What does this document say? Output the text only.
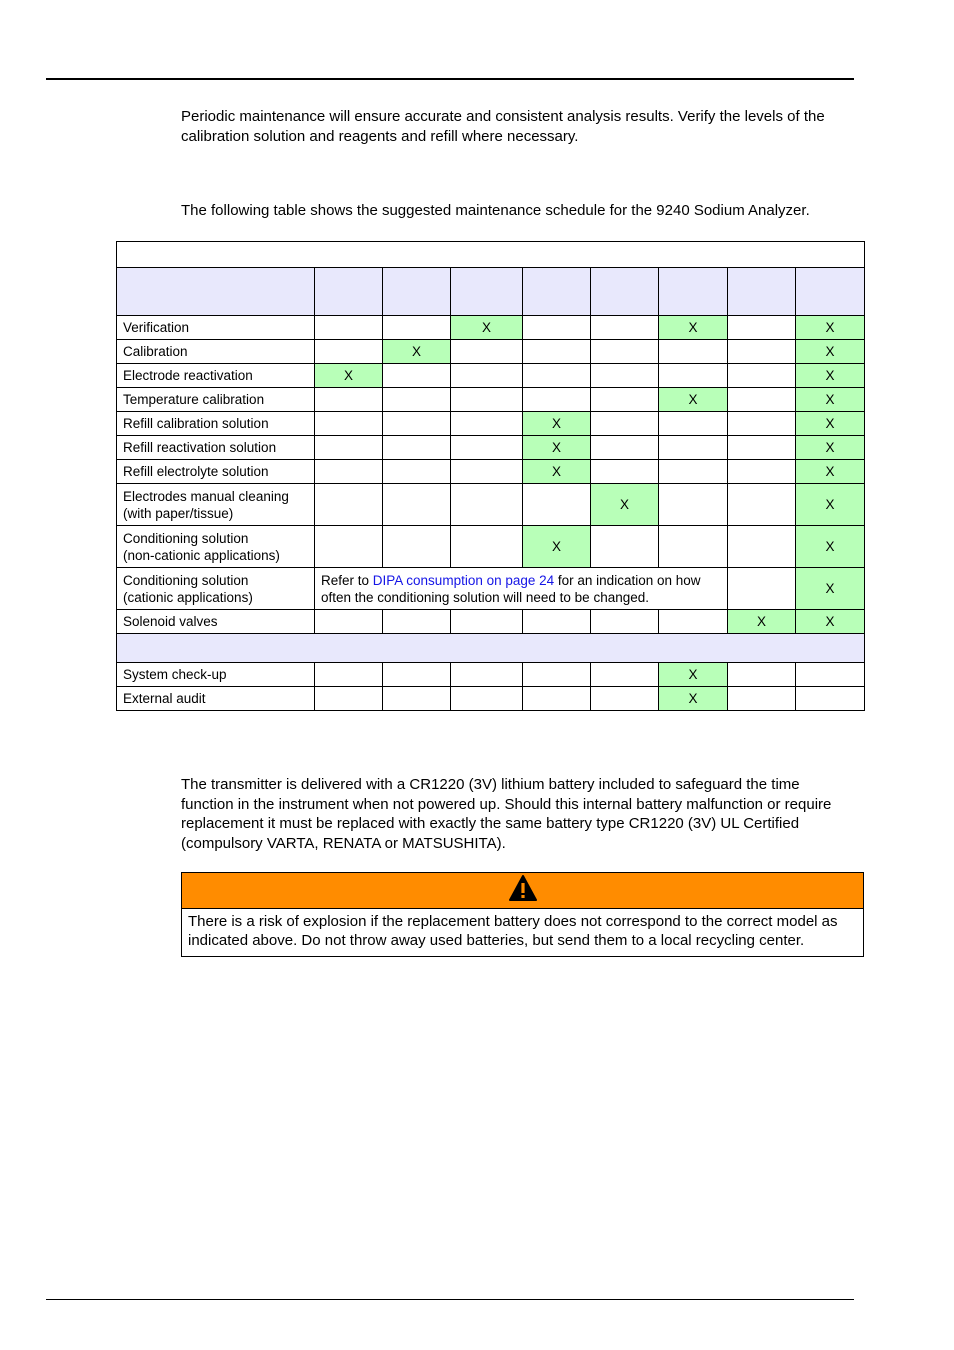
Periodic maintenance will ensure accurate and consistent analysis results. Verify the levels of the calibration solution and reagents and refill where necessary.

The following table shows the suggested maintenance schedule for the 9240 Sodium Analyzer.

Verification			X			X		X
Calibration		X						X
Electrode reactivation	X							X
Temperature calibration						X		X
Refill calibration solution				X				X
Refill reactivation solution				X				X
Refill electrolyte solution				X				X
Electrodes manual cleaning
(with paper/tissue)					X			X
Conditioning solution
(non-cationic applications)				X				X
Conditioning solution
(cationic applications)	Refer to DIPA consumption on page 24 for an indication on how often the conditioning solution will need to be changed.							X
Solenoid valves							X	X

System check-up						X		
External audit						X		

The transmitter is delivered with a CR1220 (3V) lithium battery included to safeguard the time function in the instrument when not powered up. Should this internal battery malfunction or require replacement it must be replaced with exactly the same battery type CR1220 (3V) UL Certified (compulsory VARTA, RENATA or MATSUSHITA).

There is a risk of explosion if the replacement battery does not correspond to the correct model as indicated above. Do not throw away used batteries, but send them to a local recycling center.
